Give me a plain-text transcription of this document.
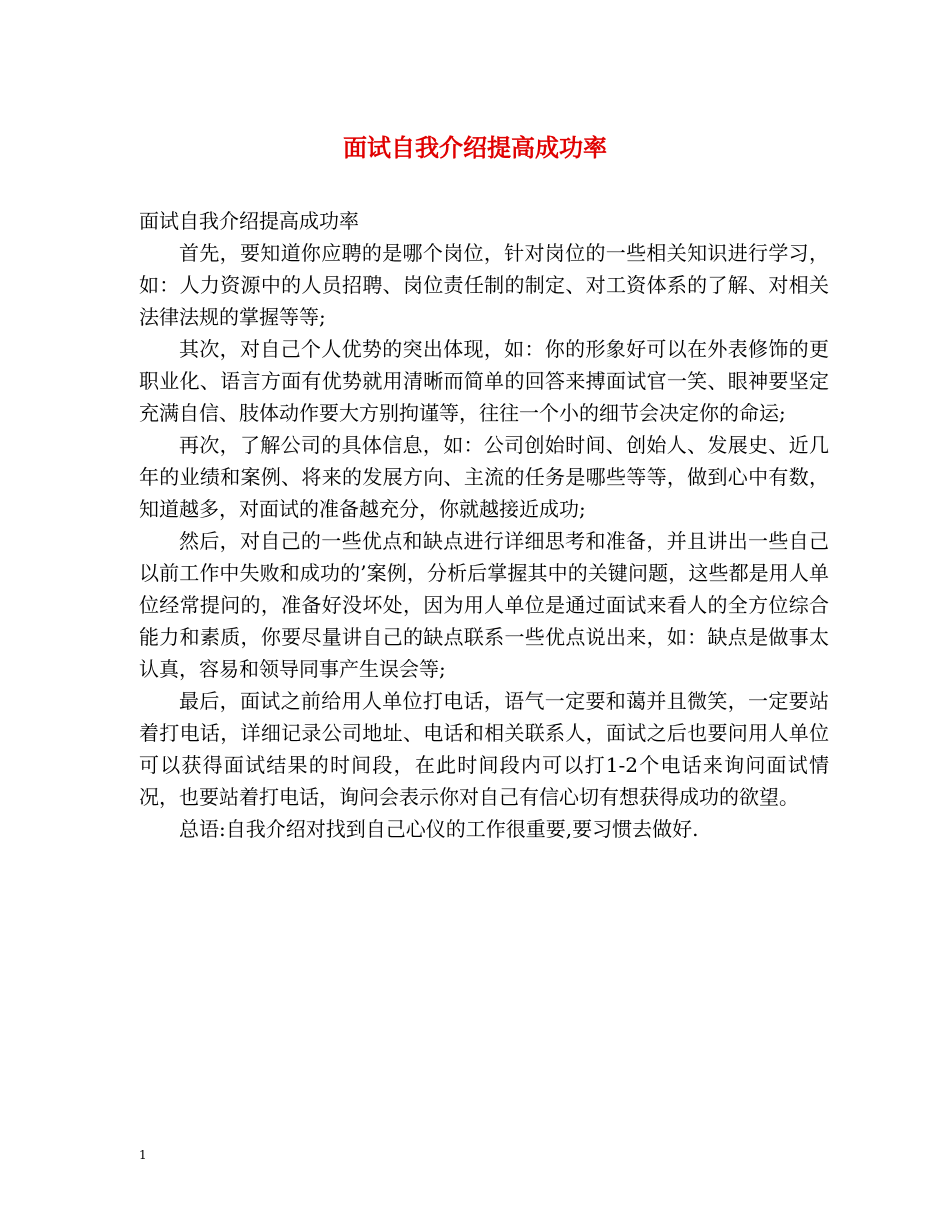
面试自我介绍提高成功率

面试自我介绍提高成功率

首先，要知道你应聘的是哪个岗位，针对岗位的一些相关知识进行学习，如：人力资源中的人员招聘、岗位责任制的制定、对工资体系的了解、对相关法律法规的掌握等等;

其次，对自己个人优势的突出体现，如：你的形象好可以在外表修饰的更职业化、语言方面有优势就用清晰而简单的回答来搏面试官一笑、眼神要坚定充满自信、肢体动作要大方别拘谨等，往往一个小的细节会决定你的命运;

再次，了解公司的具体信息，如：公司创始时间、创始人、发展史、近几年的业绩和案例、将来的发展方向、主流的任务是哪些等等，做到心中有数，知道越多，对面试的准备越充分，你就越接近成功;

然后，对自己的一些优点和缺点进行详细思考和准备，并且讲出一些自己以前工作中失败和成功的’案例，分析后掌握其中的关键问题，这些都是用人单位经常提问的，准备好没坏处，因为用人单位是通过面试来看人的全方位综合能力和素质，你要尽量讲自己的缺点联系一些优点说出来，如：缺点是做事太认真，容易和领导同事产生误会等;

最后，面试之前给用人单位打电话，语气一定要和蔼并且微笑，一定要站着打电话，详细记录公司地址、电话和相关联系人，面试之后也要问用人单位可以获得面试结果的时间段，在此时间段内可以打1-2个电话来询问面试情况，也要站着打电话，询问会表示你对自己有信心切有想获得成功的欲望。

总语:自我介绍对找到自己心仪的工作很重要,要习惯去做好.

1
